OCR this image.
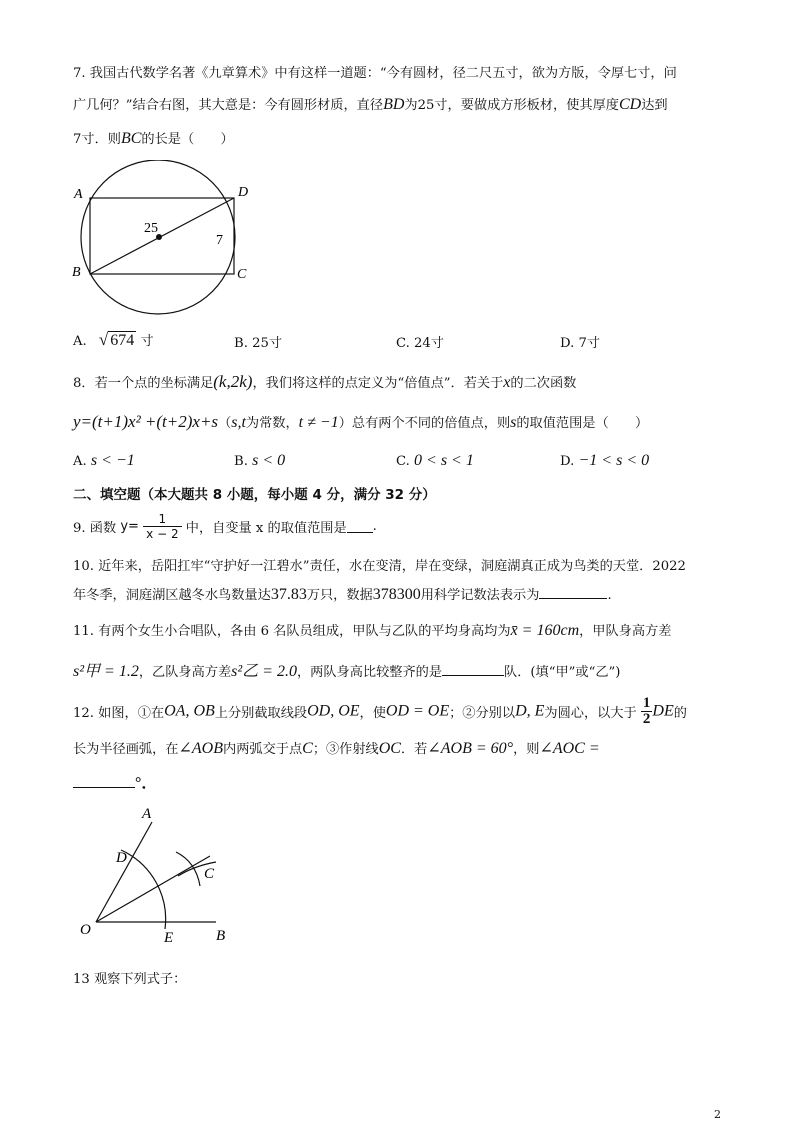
7. 我国古代数学名著《九章算术》中有这样一道题：“今有圆材，径二尺五寸，欲为方版，令厚七寸，问
广几何？”结合右图，其大意是：今有圆形材质，直径BD为25寸，要做成方形板材，使其厚度CD达到
7寸．则BC的长是（　　）
A	D
B	C
25
7
A. √ 674 寸	B. 25寸	C. 24寸	D. 7寸
8．若一个点的坐标满足(k,2k)，我们将这样的点定义为“倍值点”．若关于x的二次函数
y=(t+1)x² +(t+2)x+s（s,t为常数，t ≠ −1）总有两个不同的倍值点，则s的取值范围是（　　）
A. s < −1	B. s < 0	C. 0 < s < 1	D. −1 < s < 0
二、填空题（本大题共 8 小题，每小题 4 分，满分 32 分）
9. 函数 $y= \frac{1}{x - 2}$ 中，自变量 x 的取值范围是 .
10. 近年来，岳阳扛牢“守护好一江碧水”责任，水在变清，岸在变绿，洞庭湖真正成为鸟类的天堂．2022
年冬季，洞庭湖区越冬水鸟数量达37.83万只，数据378300用科学记数法表示为	.
11. 有两个女生小合唱队，各由 6 名队员组成，甲队与乙队的平均身高均为x̄ = 160cm，甲队身高方差
s²甲 = 1.2，乙队身高方差s²乙 = 2.0，两队身高比较整齐的是	队．(填“甲”或“乙”)
12. 如图，①在OA, OB上分别截取线段OD, OE，使OD = OE；②分别以D, E为圆心，以大于 $\frac{1}{2}$ DE的
长为半径画弧，在∠AOB内两弧交于点C；③作射线OC．若∠AOB = 60°，则∠AOC =
°．
A
D
C
O	E	B
13 观察下列式子：
2
